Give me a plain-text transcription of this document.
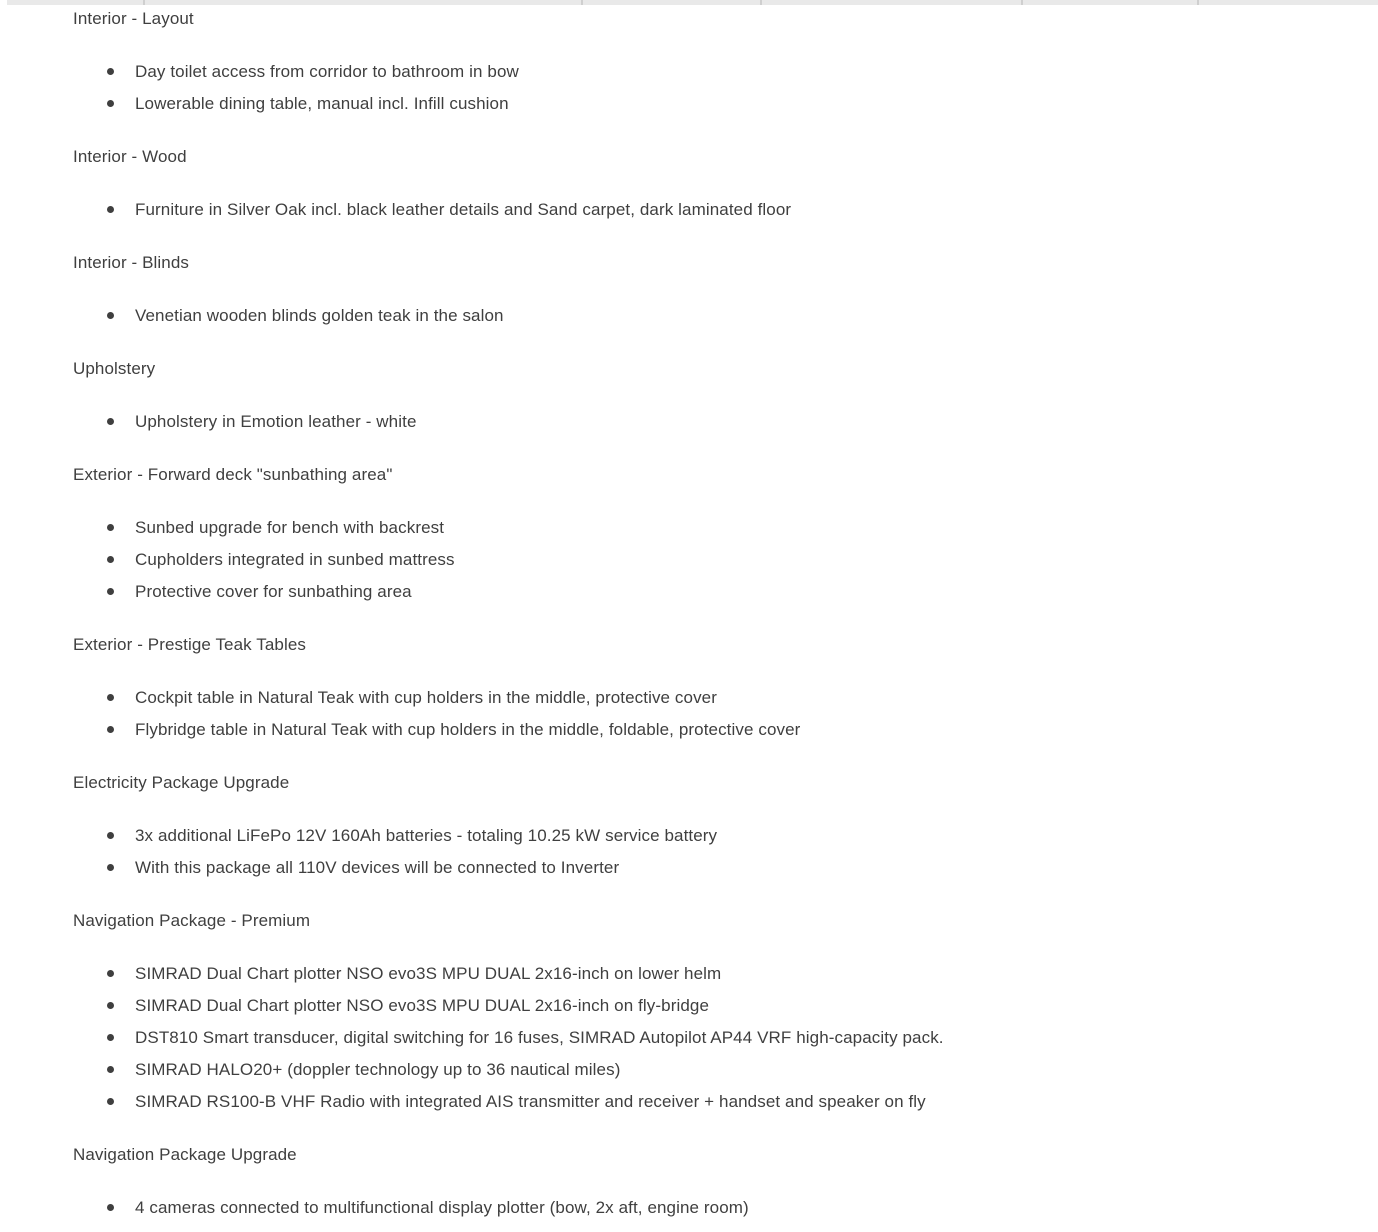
Interior - Layout
Day toilet access from corridor to bathroom in bow
Lowerable dining table, manual incl. Infill cushion
Interior - Wood
Furniture in Silver Oak incl. black leather details and Sand carpet, dark laminated floor
Interior - Blinds
Venetian wooden blinds golden teak in the salon
Upholstery
Upholstery in Emotion leather - white
Exterior - Forward deck "sunbathing area"
Sunbed upgrade for bench with backrest
Cupholders integrated in sunbed mattress
Protective cover for sunbathing area
Exterior - Prestige Teak Tables
Cockpit table in Natural Teak with cup holders in the middle, protective cover
Flybridge table in Natural Teak with cup holders in the middle, foldable, protective cover
Electricity Package Upgrade
3x additional LiFePo 12V 160Ah batteries - totaling 10.25 kW service battery
With this package all 110V devices will be connected to Inverter
Navigation Package - Premium
SIMRAD Dual Chart plotter NSO evo3S MPU DUAL 2x16-inch on lower helm
SIMRAD Dual Chart plotter NSO evo3S MPU DUAL 2x16-inch on fly-bridge
DST810 Smart transducer, digital switching for 16 fuses, SIMRAD Autopilot AP44 VRF high-capacity pack.
SIMRAD HALO20+ (doppler technology up to 36 nautical miles)
SIMRAD RS100-B VHF Radio with integrated AIS transmitter and receiver + handset and speaker on fly
Navigation Package Upgrade
4 cameras connected to multifunctional display plotter (bow, 2x aft, engine room)
